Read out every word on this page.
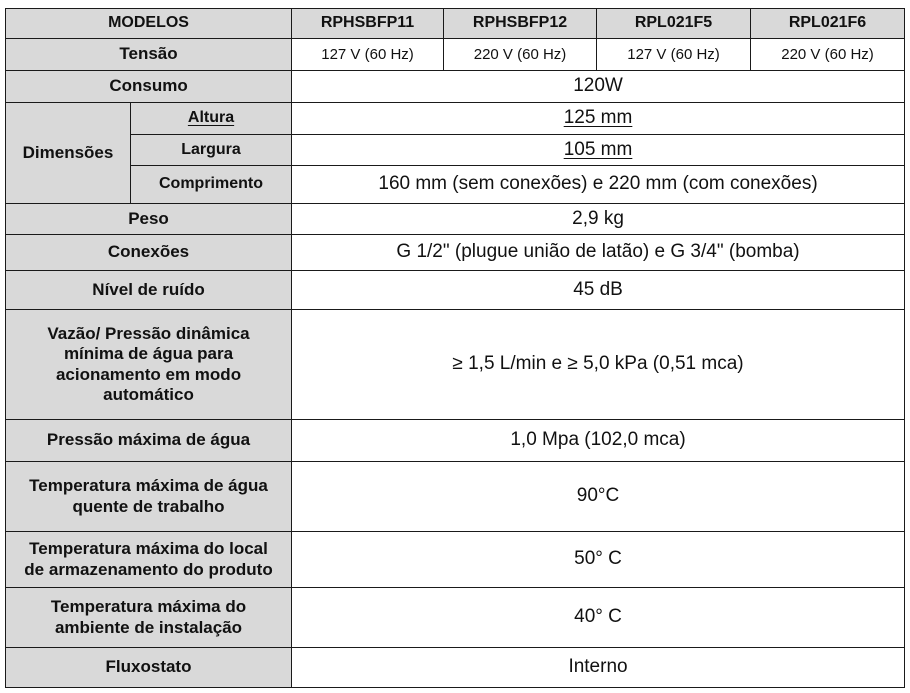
MODELOS		RPHSBFP11	RPHSBFP12	RPL021F5	RPL021F6
Tensão		127 V (60 Hz)	220 V (60 Hz)	127 V (60 Hz)	220 V (60 Hz)
Consumo		120W			
Dimensões	Altura	125 mm			
	Largura	105 mm			
	Comprimento	160 mm (sem conexões) e 220 mm (com conexões)			
Peso		2,9 kg			
Conexões		G 1/2" (plugue união de latão) e G 3/4" (bomba)			
Nível de ruído		45 dB			
Vazão/ Pressão dinâmica
mínima de água para
acionamento em modo
automático		≥ 1,5 L/min e ≥ 5,0 kPa (0,51 mca)			
Pressão máxima de água		1,0 Mpa (102,0 mca)			
Temperatura máxima de água
quente de trabalho		90°C			
Temperatura máxima do local
de armazenamento do produto		50° C			
Temperatura máxima do
ambiente de instalação		40° C			
Fluxostato		Interno			
